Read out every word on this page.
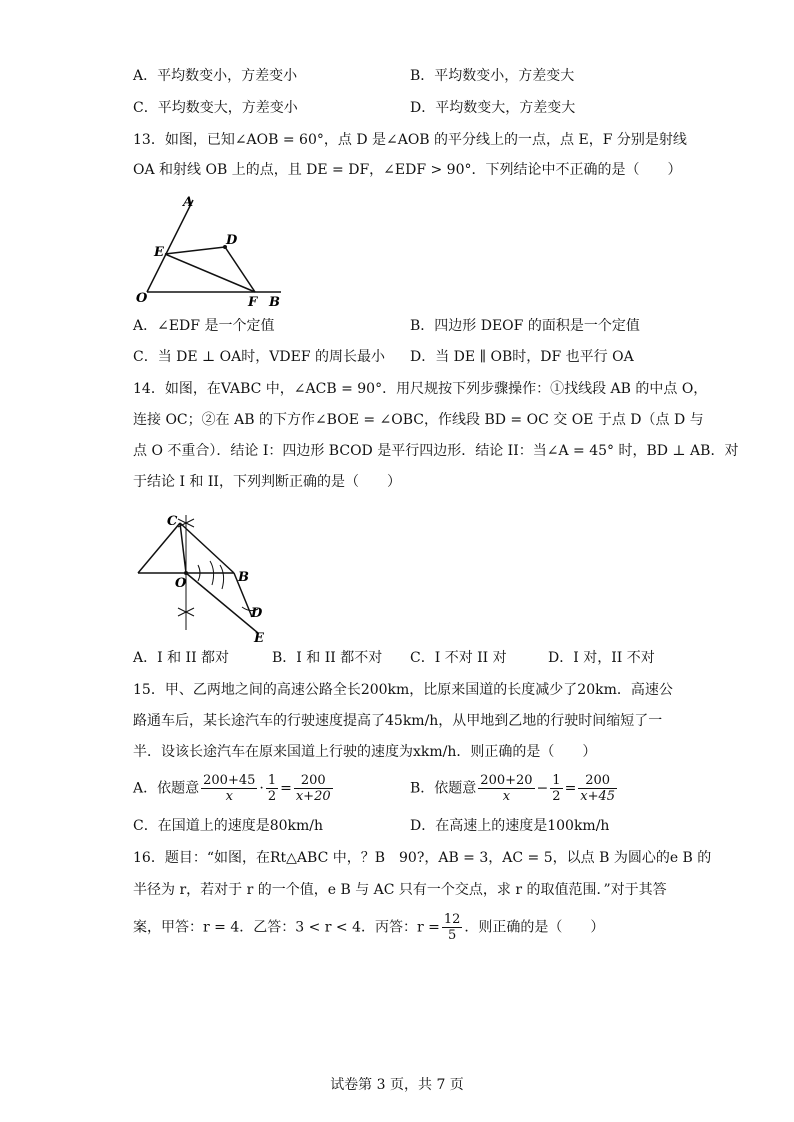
A．平均数变小，方差变小	B．平均数变小，方差变大
C．平均数变大，方差变小	D．平均数变大，方差变大
13．如图，已知∠AOB = 60°，点 D 是∠AOB 的平分线上的一点，点 E，F 分别是射线
OA 和射线 OB 上的点，且 DE = DF，∠EDF > 90°．下列结论中不正确的是（　　）
A
D
E
O	F B
A．∠EDF 是一个定值	B．四边形 DEOF 的面积是一个定值
C．当 DE ⊥ OA时，VDEF 的周长最小 D．当 DE ∥ OB时，DF 也平行 OA
14．如图，在VABC 中，∠ACB = 90°．用尺规按下列步骤操作：①找线段 AB 的中点 O，
连接 OC；②在 AB 的下方作∠BOE = ∠OBC，作线段 BD = OC 交 OE 于点 D（点 D 与
点 O 不重合）．结论 I：四边形 BCOD 是平行四边形．结论 II：当∠A = 45° 时，BD ⊥ AB．对
于结论 I 和 II，下列判断正确的是（　　）
C
O	B
D
E
A．I 和 II 都对	B．I 和 II 都不对 C．I 不对 II 对	D．I 对，II 不对
15．甲、乙两地之间的高速公路全长200km，比原来国道的长度减少了20km．高速公
路通车后，某长途汽车的行驶速度提高了45km/h，从甲地到乙地的行驶时间缩短了一
半．设该长途汽车在原来国道上行驶的速度为xkm/h．则正确的是（　　）
A．依题意 $\frac{200+45}{x} \cdot \frac{1}{2} = \frac{200}{x+20}$	B．依题意 $\frac{200+20}{x} - \frac{1}{2} = \frac{200}{x+45}$
C．在国道上的速度是80km/h	D．在高速上的速度是100km/h
16．题目：“如图，在Rt△ABC 中，？B　90?，AB = 3，AC = 5，以点 B 为圆心的e B 的
半径为 r，若对于 r 的一个值，e B 与 AC 只有一个交点，求 r 的取值范围．”对于其答
案，甲答：r = 4．乙答：3 < r < 4．丙答：$r = \frac{12}{5}$ ．则正确的是（　　）
试卷第 3 页，共 7 页
